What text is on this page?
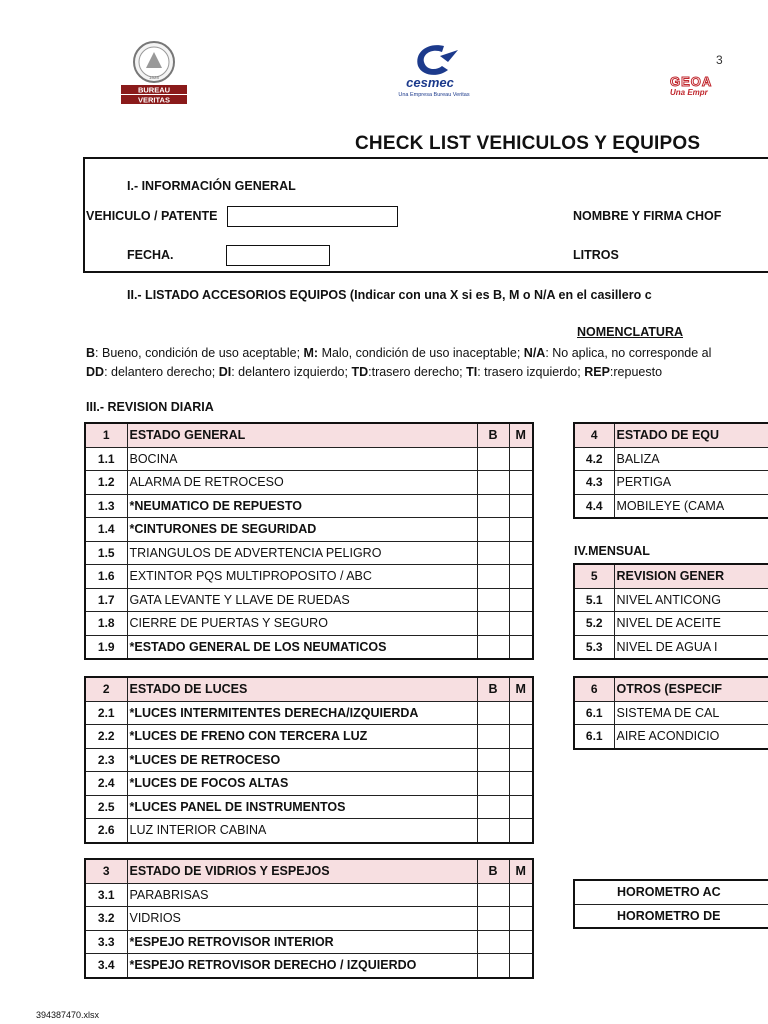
BUREAU
VERITAS
1828	cesmec
Una Empresa Bureau Veritas
3
GEOA
Una Empr
CHECK LIST VEHICULOS Y EQUIPOS
I.- INFORMACIÓN GENERAL
VEHICULO / PATENTE
FECHA.
NOMBRE Y FIRMA CHOF
LITROS
II.- LISTADO ACCESORIOS EQUIPOS (Indicar con una X si es B, M o N/A en el casillero c
NOMENCLATURA
B: Bueno, condición de uso aceptable; M: Malo, condición de uso inaceptable; N/A: No aplica, no corresponde al
DD: delantero derecho; DI: delantero izquierdo; TD:trasero derecho; TI: trasero izquierdo; REP:repuesto
III.- REVISION DIARIA
IV.MENSUAL
1	ESTADO GENERAL	B	M
1.1	BOCINA		
1.2	ALARMA DE RETROCESO		
1.3	*NEUMATICO DE REPUESTO		
1.4	*CINTURONES DE SEGURIDAD		
1.5	TRIANGULOS DE ADVERTENCIA PELIGRO		
1.6	EXTINTOR PQS MULTIPROPOSITO / ABC		
1.7	GATA LEVANTE Y LLAVE DE RUEDAS		
1.8	CIERRE DE PUERTAS Y SEGURO		
1.9	*ESTADO GENERAL DE LOS NEUMATICOS		
2	ESTADO DE LUCES	B	M
2.1	*LUCES INTERMITENTES DERECHA/IZQUIERDA		
2.2	*LUCES DE FRENO CON TERCERA LUZ		
2.3	*LUCES DE RETROCESO		
2.4	*LUCES DE FOCOS ALTAS		
2.5	*LUCES PANEL DE INSTRUMENTOS		
2.6	LUZ INTERIOR CABINA		
3	ESTADO DE VIDRIOS Y ESPEJOS	B	M
3.1	PARABRISAS		
3.2	VIDRIOS		
3.3	*ESPEJO RETROVISOR INTERIOR		
3.4	*ESPEJO RETROVISOR DERECHO / IZQUIERDO		
4	ESTADO DE EQU
4.2	BALIZA
4.3	PERTIGA
4.4	MOBILEYE (CAMA
5	REVISION GENER
5.1	NIVEL ANTICONG
5.2	NIVEL DE ACEITE
5.3	NIVEL DE AGUA I
6	OTROS (ESPECIF
6.1	SISTEMA DE CAL
6.1	AIRE ACONDICIO
HOROMETRO AC
HOROMETRO DE
394387470.xlsx
